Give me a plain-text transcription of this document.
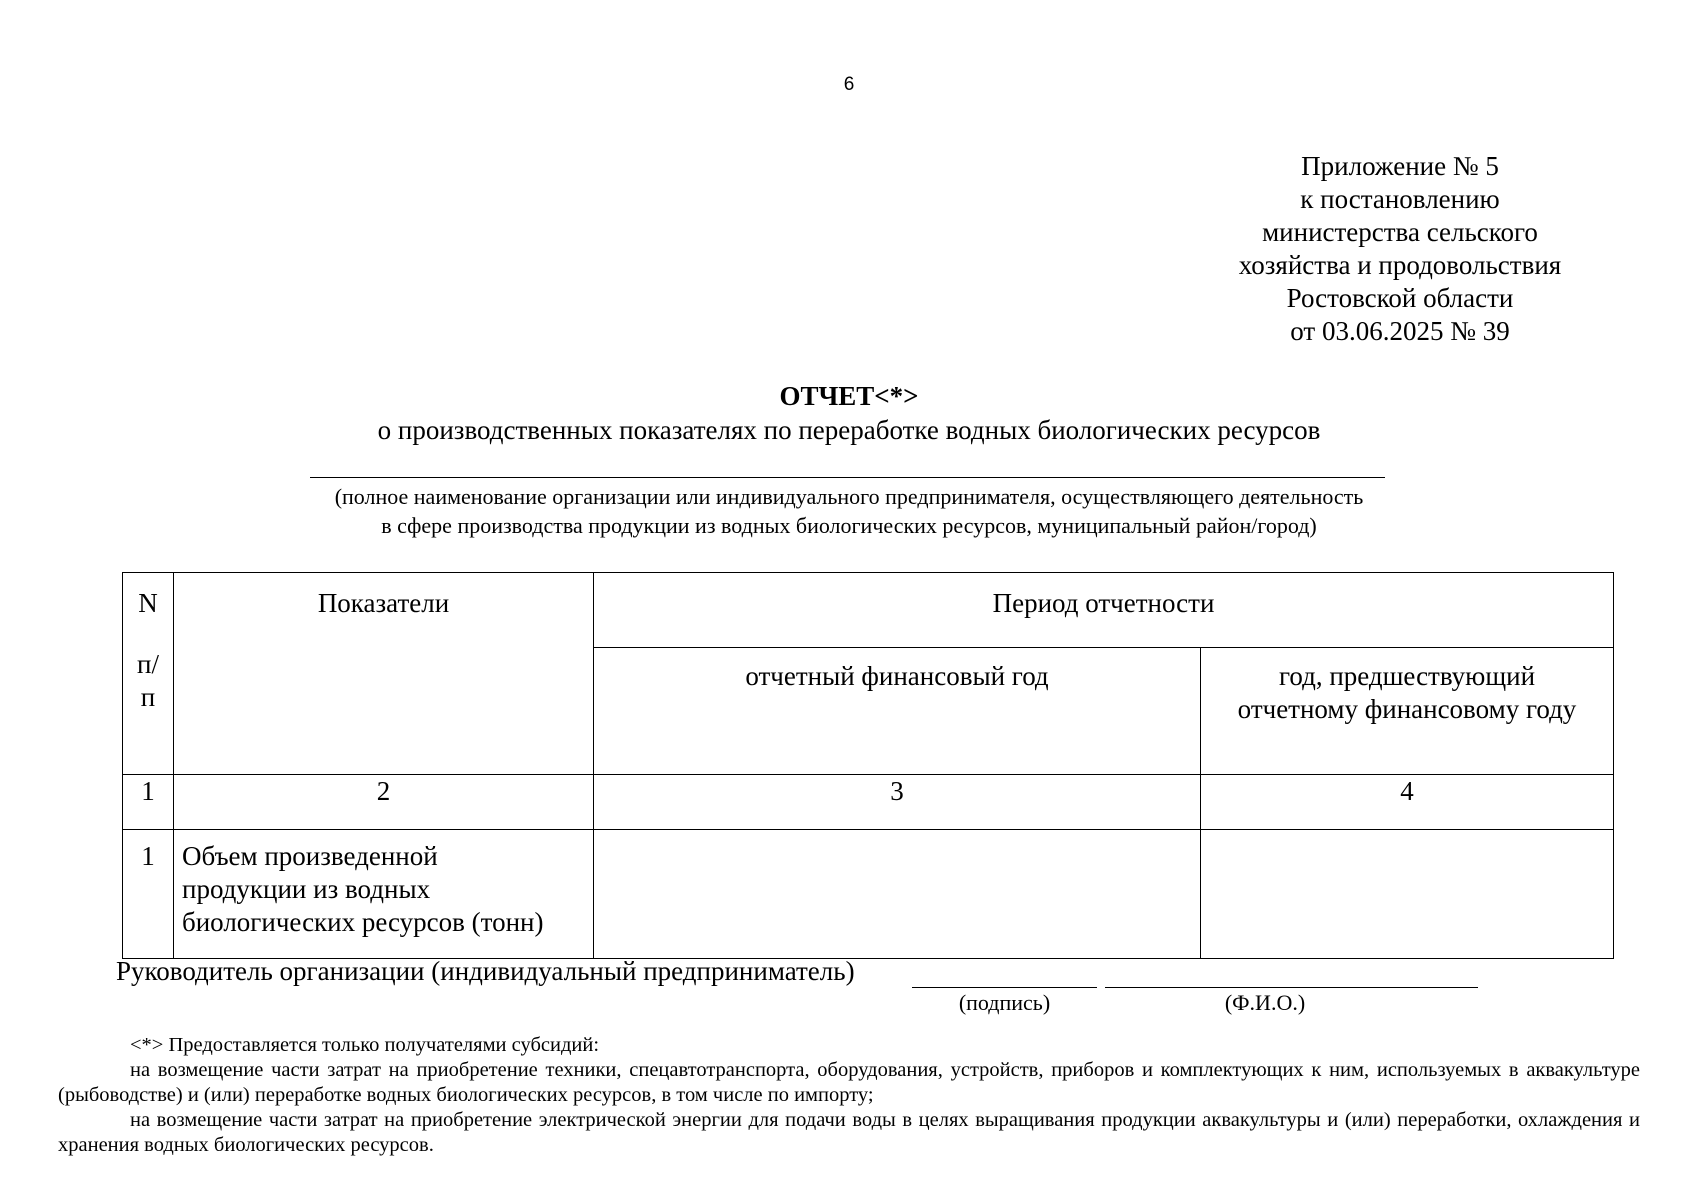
6
Приложение № 5
к постановлению
министерства сельского
хозяйства и продовольствия
Ростовской области
от 03.06.2025 № 39
ОТЧЕТ<*>
о производственных показателях по переработке водных биологических ресурсов
(полное наименование организации или индивидуального предпринимателя, осуществляющего деятельность
в сфере производства продукции из водных биологических ресурсов, муниципальный район/город)
N
п/
п	Показатели	Период отчетности	
		отчетный финансовый год	год, предшествующий
отчетному финансовому году

1	2	3	4
1	Объем произведенной
продукции из водных
биологических ресурсов (тонн)		

Руководитель организации (индивидуальный предприниматель)
(подпись)	(Ф.И.О.)

<*> Предоставляется только получателями субсидий:

на возмещение части затрат на приобретение техники, спецавтотранспорта, оборудования, устройств, приборов и комплектующих к ним, используемых в аквакультуре (рыбоводстве) и (или) переработке водных биологических ресурсов, в том числе по импорту;

на возмещение части затрат на приобретение электрической энергии для подачи воды в целях выращивания продукции аквакультуры и (или) переработки, охлаждения и хранения водных биологических ресурсов.
